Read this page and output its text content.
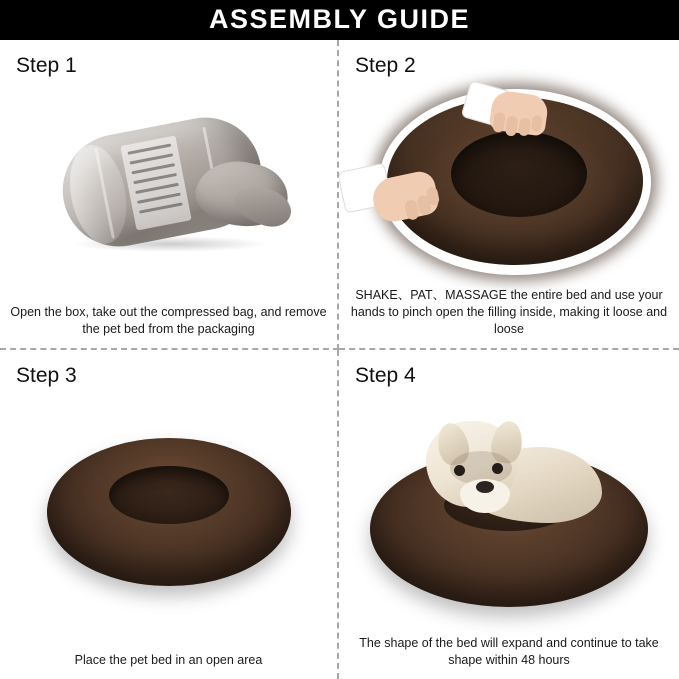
ASSEMBLY GUIDE
Step 1
Open the box, take out the compressed bag, and remove the pet bed from the packaging
Step 2
SHAKE、PAT、MASSAGE the entire bed and use your hands to pinch open the filling inside, making it loose and loose
Step 3
Place the pet bed in an open area
Step 4
The shape of the bed will expand and continue to take shape within 48 hours
